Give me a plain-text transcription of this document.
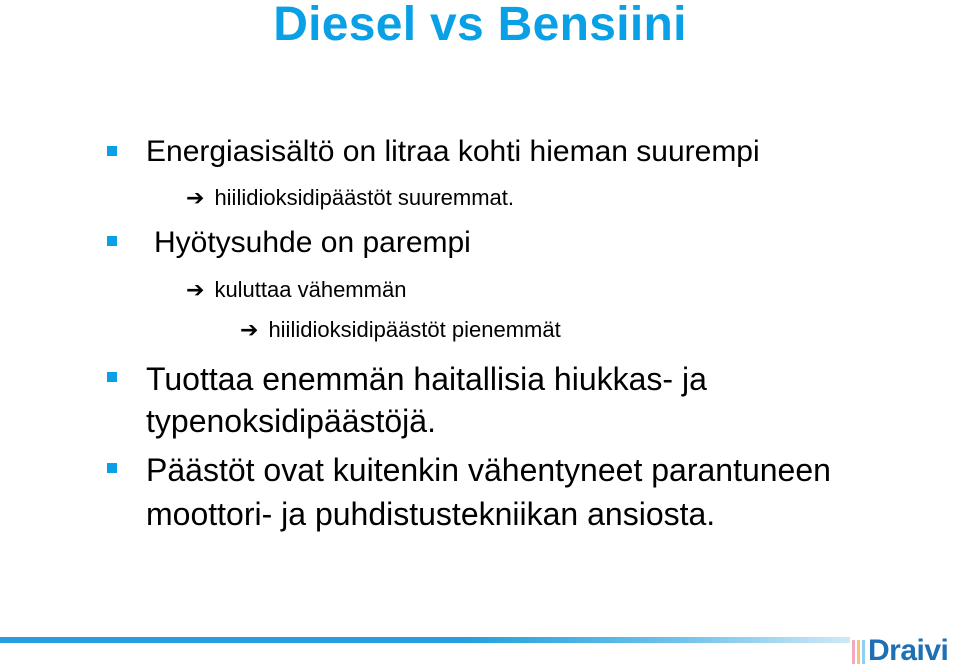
Diesel vs Bensiini
Energiasisältö on litraa kohti hieman suurempi
➔ hiilidioksidipäästöt suuremmat.
Hyötysuhde on parempi
➔ kuluttaa vähemmän
➔ hiilidioksidipäästöt pienemmät
Tuottaa enemmän haitallisia hiukkas- ja
typenoksidipäästöjä.
Päästöt ovat kuitenkin vähentyneet parantuneen
moottori- ja puhdistustekniikan ansiosta.
Draivi
